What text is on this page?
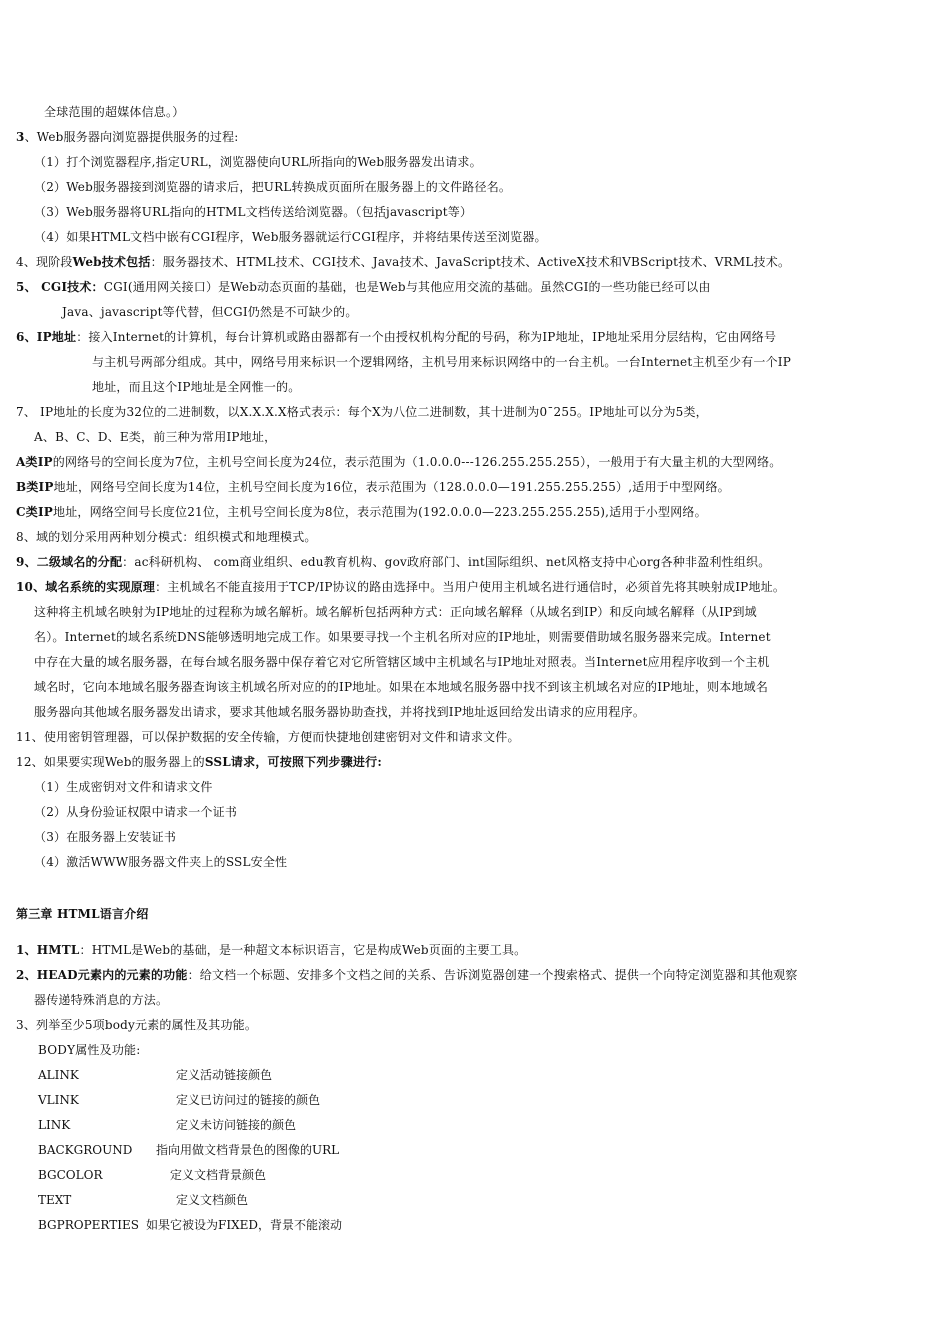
全球范围的超媒体信息。）
3、Web服务器向浏览器提供服务的过程:
（1）打个浏览器程序,指定URL，浏览器使向URL所指向的Web服务器发出请求。
（2）Web服务器接到浏览器的请求后，把URL转换成页面所在服务器上的文件路径名。
（3）Web服务器将URL指向的HTML文档传送给浏览器。（包括javascript等）
（4）如果HTML文档中嵌有CGI程序，Web服务器就运行CGI程序，并将结果传送至浏览器。
4、现阶段Web技术包括：服务器技术、HTML技术、CGI技术、Java技术、JavaScript技术、ActiveX技术和VBScript技术、VRML技术。
5、 CGI技术：CGI(通用网关接口）是Web动态页面的基础，也是Web与其他应用交流的基础。虽然CGI的一些功能已经可以由
Java、javascript等代替，但CGI仍然是不可缺少的。
6、IP地址：接入Internet的计算机，每台计算机或路由器都有一个由授权机构分配的号码，称为IP地址，IP地址采用分层结构，它由网络号
与主机号两部分组成。其中，网络号用来标识一个逻辑网络，主机号用来标识网络中的一台主机。一台Internet主机至少有一个IP
地址，而且这个IP地址是全网惟一的。
7、 IP地址的长度为32位的二进制数，以X.X.X.X格式表示：每个X为八位二进制数，其十进制为0¯255。IP地址可以分为5类，
A、B、C、D、E类，前三种为常用IP地址，
A类IP的网络号的空间长度为7位，主机号空间长度为24位，表示范围为（1.0.0.0---126.255.255.255），一般用于有大量主机的大型网络。
B类IP地址，网络号空间长度为14位，主机号空间长度为16位，表示范围为（128.0.0.0—191.255.255.255）,适用于中型网络。
C类IP地址，网络空间号长度位21位，主机号空间长度为8位，表示范围为(192.0.0.0—223.255.255.255),适用于小型网络。
8、域的划分采用两种划分模式：组织模式和地理模式。
9、二级域名的分配：ac科研机构、 com商业组织、edu教育机构、gov政府部门、int国际组织、net风格支持中心org各种非盈利性组织。
10、域名系统的实现原理：主机域名不能直接用于TCP/IP协议的路由选择中。当用户使用主机域名进行通信时，必须首先将其映射成IP地址。
这种将主机域名映射为IP地址的过程称为域名解析。域名解析包括两种方式：正向域名解释（从域名到IP）和反向域名解释（从IP到域
名）。Internet的域名系统DNS能够透明地完成工作。如果要寻找一个主机名所对应的IP地址，则需要借助域名服务器来完成。Internet
中存在大量的域名服务器，在每台域名服务器中保存着它对它所管辖区域中主机域名与IP地址对照表。当Internet应用程序收到一个主机
域名时，它向本地域名服务器查询该主机域名所对应的的IP地址。如果在本地域名服务器中找不到该主机域名对应的IP地址，则本地域名
服务器向其他域名服务器发出请求，要求其他域名服务器协助查找，并将找到IP地址返回给发出请求的应用程序。
11、使用密钥管理器，可以保护数据的安全传输，方便而快捷地创建密钥对文件和请求文件。
12、如果要实现Web的服务器上的SSL请求，可按照下列步骤进行:
（1）生成密钥对文件和请求文件
（2）从身份验证权限中请求一个证书
（3）在服务器上安装证书
（4）激活WWW服务器文件夹上的SSL安全性
第三章 HTML语言介绍
1、HMTL：HTML是Web的基础，是一种超文本标识语言，它是构成Web页面的主要工具。
2、HEAD元素内的元素的功能：给文档一个标题、安排多个文档之间的关系、告诉浏览器创建一个搜索格式、提供一个向特定浏览器和其他观察
器传递特殊消息的方法。
3、列举至少5项body元素的属性及其功能。
BODY属性及功能:
ALINK	定义活动链接颜色
VLINK	定义已访问过的链接的颜色
LINK	定义未访问链接的颜色
BACKGROUND 指向用做文档背景色的图像的URL
BGCOLOR	定义文档背景颜色
TEXT	定义文档颜色
BGPROPERTIES 如果它被设为FIXED，背景不能滚动
